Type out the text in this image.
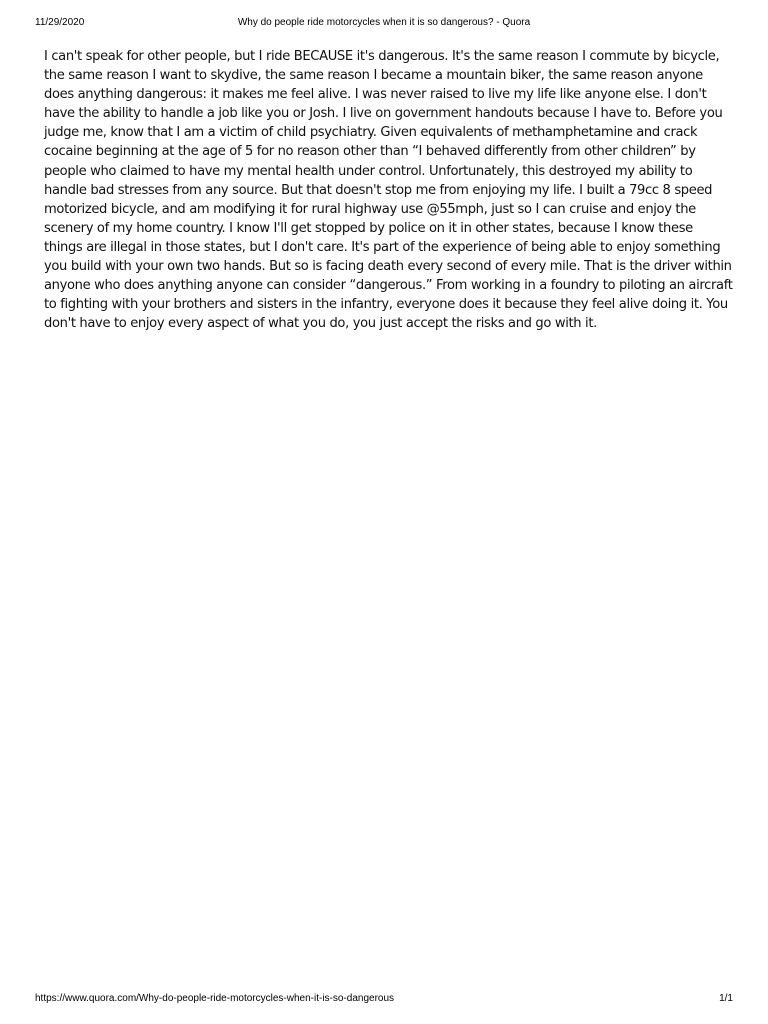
11/29/2020	Why do people ride motorcycles when it is so dangerous? - Quora
I can't speak for other people, but I ride BECAUSE it's dangerous. It's the same reason I commute by bicycle, the same reason I want to skydive, the same reason I became a mountain biker, the same reason anyone does anything dangerous: it makes me feel alive. I was never raised to live my life like anyone else. I don't have the ability to handle a job like you or Josh. I live on government handouts because I have to. Before you judge me, know that I am a victim of child psychiatry. Given equivalents of methamphetamine and crack cocaine beginning at the age of 5 for no reason other than “I behaved differently from other children” by people who claimed to have my mental health under control. Unfortunately, this destroyed my ability to handle bad stresses from any source. But that doesn't stop me from enjoying my life. I built a 79cc 8 speed motorized bicycle, and am modifying it for rural highway use @55mph, just so I can cruise and enjoy the scenery of my home country. I know I'll get stopped by police on it in other states, because I know these things are illegal in those states, but I don't care. It's part of the experience of being able to enjoy something you build with your own two hands. But so is facing death every second of every mile. That is the driver within anyone who does anything anyone can consider “dangerous.” From working in a foundry to piloting an aircraft to fighting with your brothers and sisters in the infantry, everyone does it because they feel alive doing it. You don't have to enjoy every aspect of what you do, you just accept the risks and go with it.
https://www.quora.com/Why-do-people-ride-motorcycles-when-it-is-so-dangerous	1/1
